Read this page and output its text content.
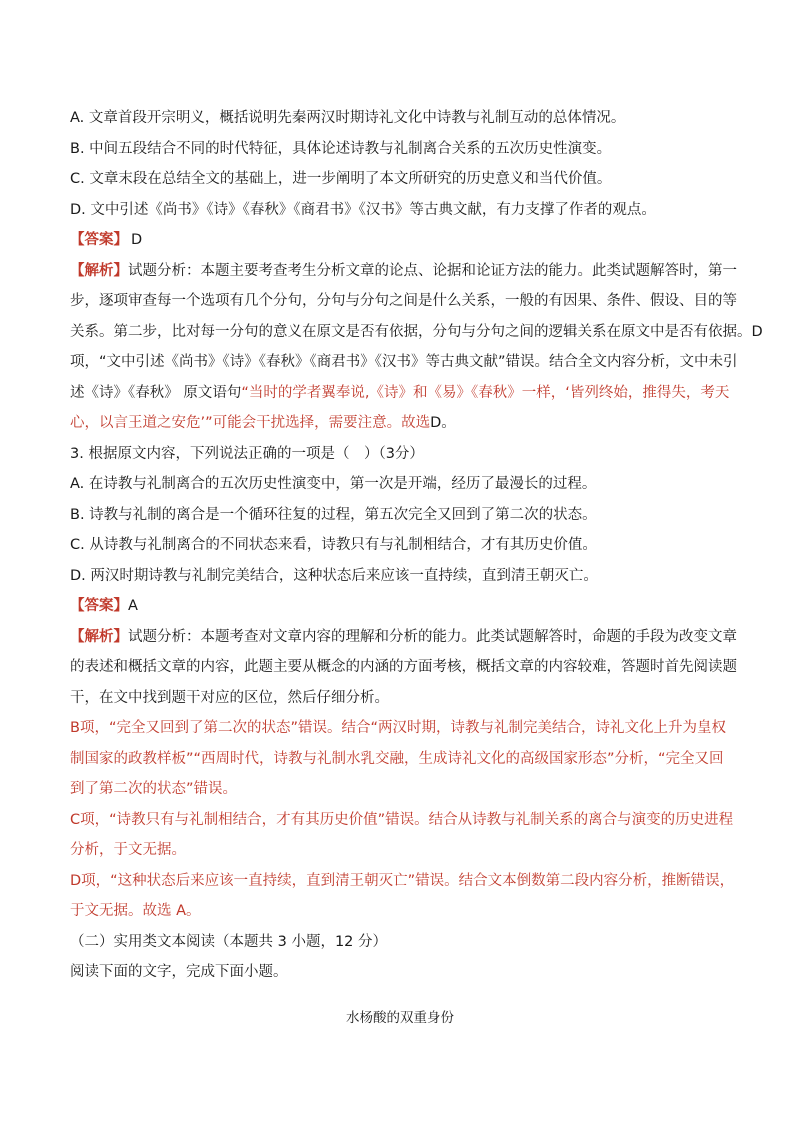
A. 文章首段开宗明义，概括说明先秦两汉时期诗礼文化中诗教与礼制互动的总体情况。
B. 中间五段结合不同的时代特征，具体论述诗教与礼制离合关系的五次历史性演变。
C. 文章末段在总结全文的基础上，进一步阐明了本文所研究的历史意义和当代价值。
D. 文中引述《尚书》《诗》《春秋》《商君书》《汉书》等古典文献，有力支撑了作者的观点。
【答案】 D
【解析】试题分析：本题主要考查考生分析文章的论点、论据和论证方法的能力。此类试题解答时，第一
步，逐项审查每一个选项有几个分句，分句与分句之间是什么关系，一般的有因果、条件、假设、目的等
关系。第二步，比对每一分句的意义在原文是否有依据，分句与分句之间的逻辑关系在原文中是否有依据。D
项，“文中引述《尚书》《诗》《春秋》《商君书》《汉书》等古典文献”错误。结合全文内容分析，文中未引
述《诗》《春秋》 原文语句“当时的学者翼奉说,《诗》和《易》《春秋》一样，‘皆列终始，推得失，考天
心，以言王道之安危’”可能会干扰选择，需要注意。故选D。
3. 根据原文内容，下列说法正确的一项是（　）（3分）
A. 在诗教与礼制离合的五次历史性演变中，第一次是开端，经历了最漫长的过程。
B. 诗教与礼制的离合是一个循环往复的过程，第五次完全又回到了第二次的状态。
C. 从诗教与礼制离合的不同状态来看，诗教只有与礼制相结合，才有其历史价值。
D. 两汉时期诗教与礼制完美结合，这种状态后来应该一直持续，直到清王朝灭亡。
【答案】A
【解析】试题分析：本题考查对文章内容的理解和分析的能力。此类试题解答时，命题的手段为改变文章
的表述和概括文章的内容，此题主要从概念的内涵的方面考核，概括文章的内容较难，答题时首先阅读题
干，在文中找到题干对应的区位，然后仔细分析。
B项，“完全又回到了第二次的状态”错误。结合“两汉时期，诗教与礼制完美结合，诗礼文化上升为皇权
制国家的政教样板”“西周时代，诗教与礼制水乳交融，生成诗礼文化的高级国家形态”分析，“完全又回
到了第二次的状态”错误。
C项，“诗教只有与礼制相结合，才有其历史价值”错误。结合从诗教与礼制关系的离合与演变的历史进程
分析，于文无据。
D项，“这种状态后来应该一直持续，直到清王朝灭亡”错误。结合文本倒数第二段内容分析，推断错误，
于文无据。故选 A。
（二）实用类文本阅读（本题共 3 小题，12 分）
阅读下面的文字，完成下面小题。
水杨酸的双重身份
